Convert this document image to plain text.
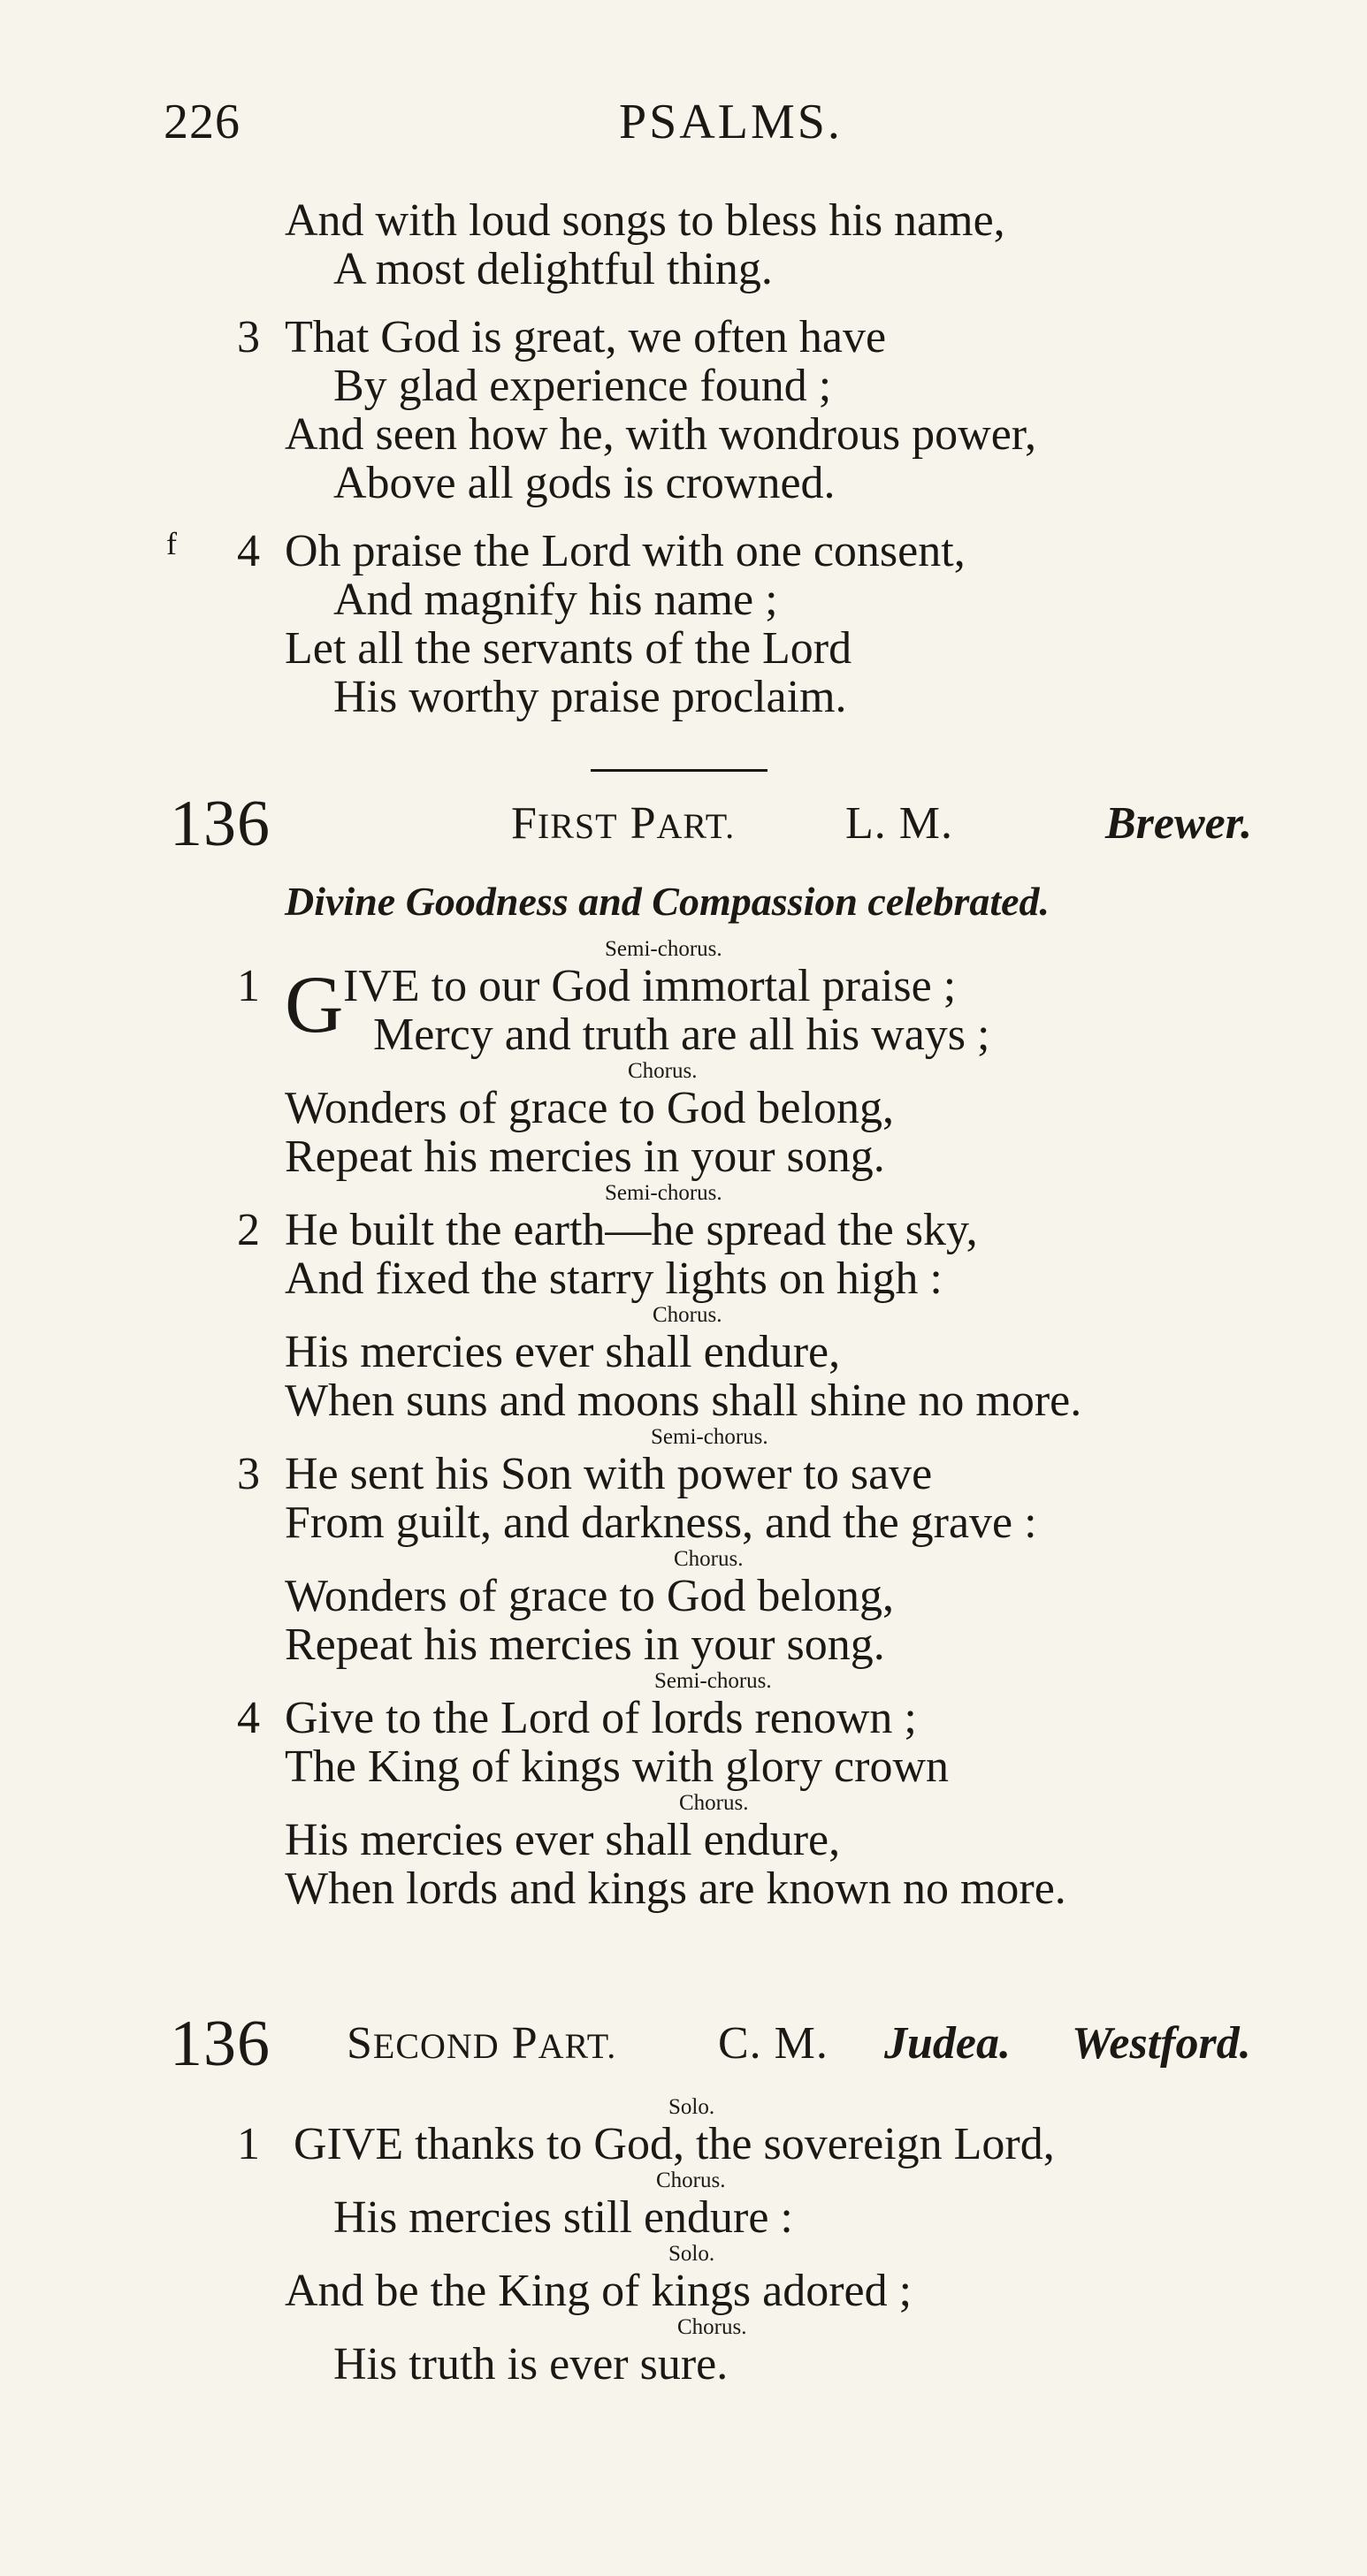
226	PSALMS.
And with loud songs to bless his name,
A most delightful thing.
3 That God is great, we often have
By glad experience found ;
And seen how he, with wondrous power,
Above all gods is crowned.
f 4 Oh praise the Lord with one consent,
And magnify his name ;
Let all the servants of the Lord
His worthy praise proclaim.
136	FIRST PART. L. M.	Brewer.
Divine Goodness and Compassion celebrated.
Semi-chorus.
1 G IVE to our God immortal praise ;
Mercy and truth are all his ways ;
Chorus.
Wonders of grace to God belong,
Repeat his mercies in your song.
Semi-chorus.
2 He built the earth—he spread the sky,
And fixed the starry lights on high :
Chorus.
His mercies ever shall endure,
When suns and moons shall shine no more.
Semi-chorus.
3 He sent his Son with power to save
From guilt, and darkness, and the grave :
Chorus.
Wonders of grace to God belong,
Repeat his mercies in your song.
Semi-chorus.
4 Give to the Lord of lords renown ;
The King of kings with glory crown
Chorus.
His mercies ever shall endure,
When lords and kings are known no more.
136 SECOND PART. C. M. Judea. Westford.
Solo.
1 GIVE thanks to God, the sovereign Lord,
Chorus.
His mercies still endure :
Solo.
And be the King of kings adored ;
Chorus.
His truth is ever sure.
